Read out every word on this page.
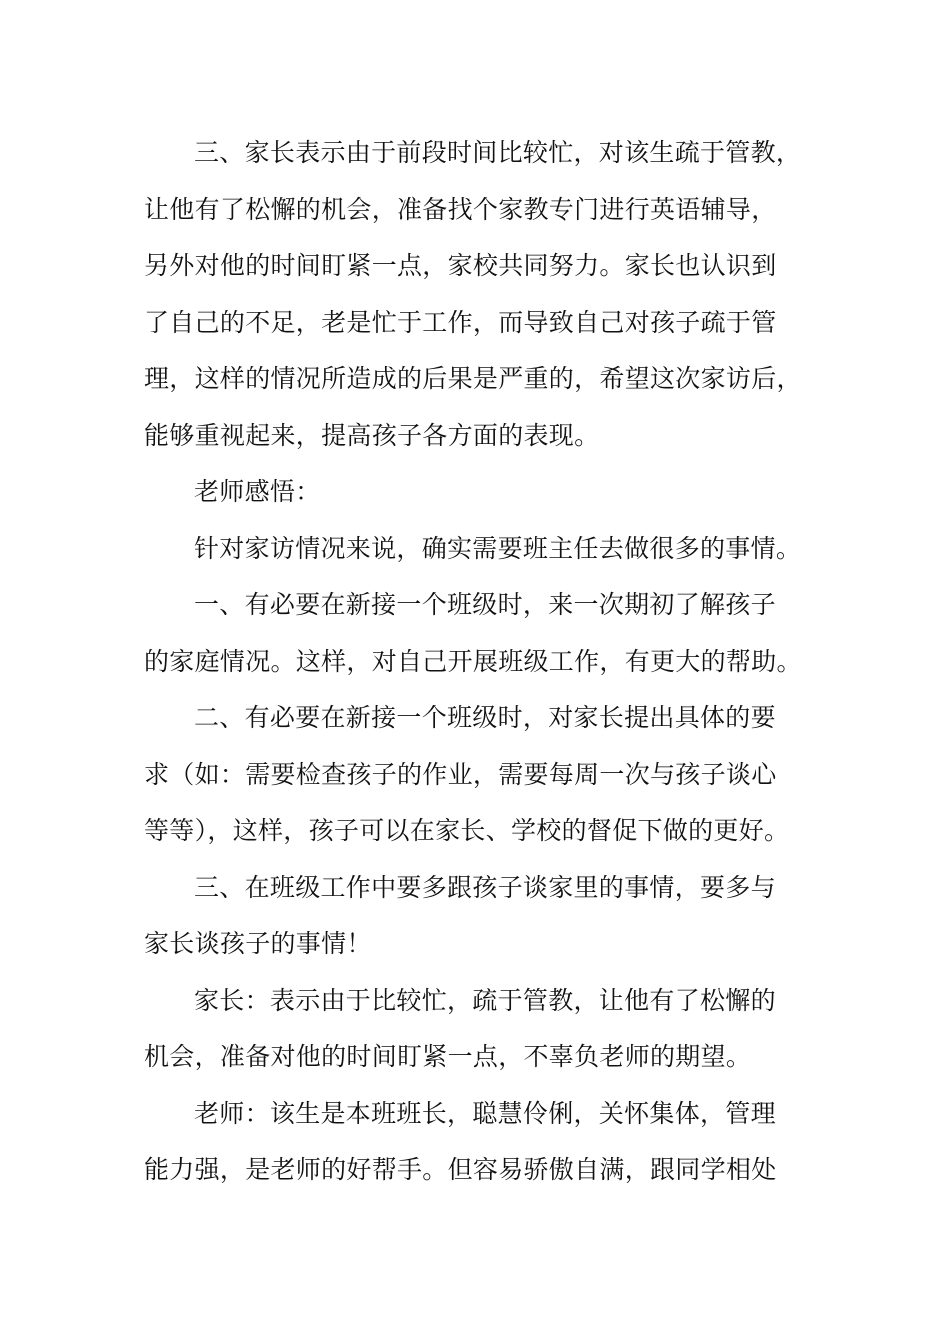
三、家长表示由于前段时间比较忙，对该生疏于管教，
让他有了松懈的机会，准备找个家教专门进行英语辅导，
另外对他的时间盯紧一点，家校共同努力。家长也认识到
了自己的不足，老是忙于工作，而导致自己对孩子疏于管
理，这样的情况所造成的后果是严重的，希望这次家访后，
能够重视起来，提高孩子各方面的表现。
老师感悟：
针对家访情况来说，确实需要班主任去做很多的事情。
一、有必要在新接一个班级时，来一次期初了解孩子
的家庭情况。这样，对自己开展班级工作，有更大的帮助。
二、有必要在新接一个班级时，对家长提出具体的要
求（如：需要检查孩子的作业，需要每周一次与孩子谈心
等等），这样，孩子可以在家长、学校的督促下做的更好。
三、在班级工作中要多跟孩子谈家里的事情，要多与
家长谈孩子的事情！
家长：表示由于比较忙，疏于管教，让他有了松懈的
机会，准备对他的时间盯紧一点，不辜负老师的期望。
老师：该生是本班班长，聪慧伶俐，关怀集体，管理
能力强，是老师的好帮手。但容易骄傲自满，跟同学相处
